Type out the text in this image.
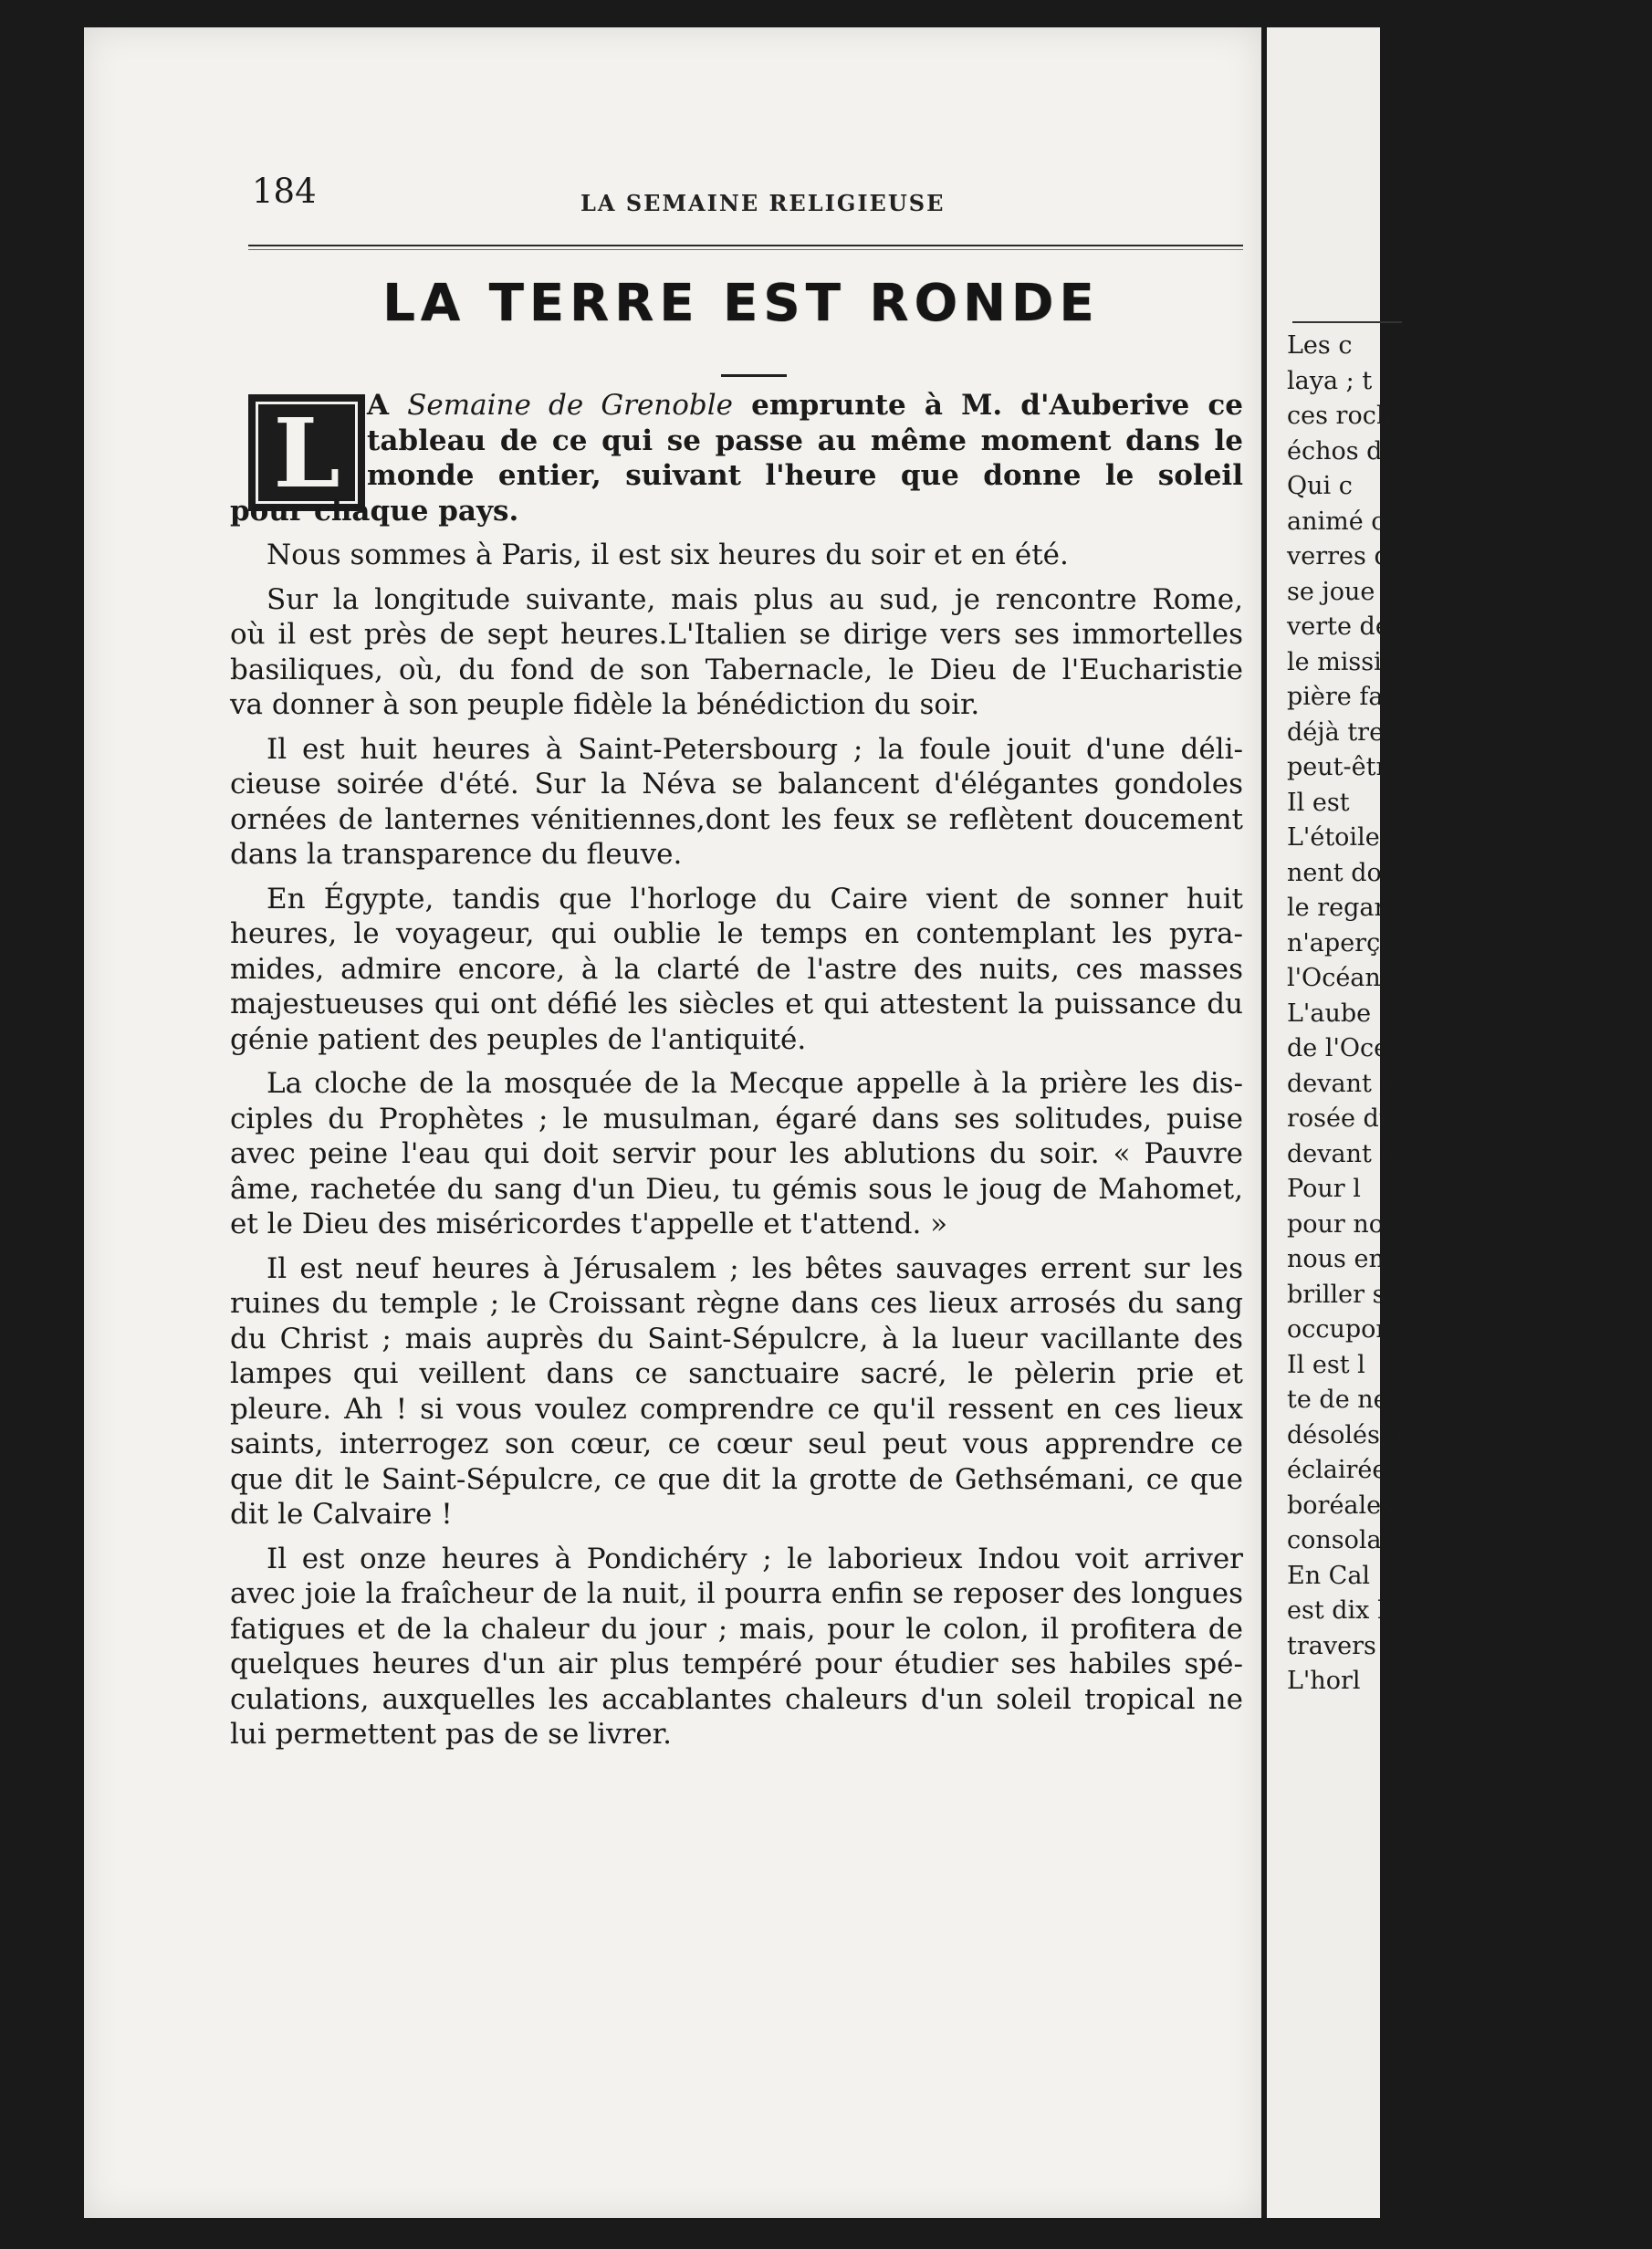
Les c
laya ; t
ces roch
échos d
Qui c
animé c
verres d
se joue
verte de
le missic
pière fa
déjà tres
peut-êtr
Il est
L'étoile
nent doi
le regar
n'aperçc
l'Océan.
L'aube
de l'Océ
devant u
rosée du
devant u
Pour l
pour no
nous env
briller su
occupons
Il est l
te de nei
désolés, i
éclairées
boréales,
consolati
En Cal
est dix h
travers lo
L'horl
184	LA SEMAINE RELIGIEUSE
LA TERRE EST RONDE
L A Semaine de Grenoble emprunte à M. d'Auberive ce
tableau de ce qui se passe au même moment dans le
monde entier, suivant l'heure que donne le soleil
pour chaque pays.
Nous sommes à Paris, il est six heures du soir et en été.
Sur la longitude suivante, mais plus au sud, je rencontre Rome,
où il est près de sept heures.L'Italien se dirige vers ses immortelles
basiliques, où, du fond de son Tabernacle, le Dieu de l'Eucharistie
va donner à son peuple fidèle la bénédiction du soir.
Il est huit heures à Saint-Petersbourg ; la foule jouit d'une déli-
cieuse soirée d'été. Sur la Néva se balancent d'élégantes gondoles
ornées de lanternes vénitiennes,dont les feux se reflètent doucement
dans la transparence du fleuve.
En Égypte, tandis que l'horloge du Caire vient de sonner huit
heures, le voyageur, qui oublie le temps en contemplant les pyra-
mides, admire encore, à la clarté de l'astre des nuits, ces masses
majestueuses qui ont défié les siècles et qui attestent la puissance du
génie patient des peuples de l'antiquité.
La cloche de la mosquée de la Mecque appelle à la prière les dis-
ciples du Prophètes ; le musulman, égaré dans ses solitudes, puise
avec peine l'eau qui doit servir pour les ablutions du soir. « Pauvre
âme, rachetée du sang d'un Dieu, tu gémis sous le joug de Mahomet,
et le Dieu des miséricordes t'appelle et t'attend. »
Il est neuf heures à Jérusalem ; les bêtes sauvages errent sur les
ruines du temple ; le Croissant règne dans ces lieux arrosés du sang
du Christ ; mais auprès du Saint-Sépulcre, à la lueur vacillante des
lampes qui veillent dans ce sanctuaire sacré, le pèlerin prie et
pleure. Ah ! si vous voulez comprendre ce qu'il ressent en ces lieux
saints, interrogez son cœur, ce cœur seul peut vous apprendre ce
que dit le Saint-Sépulcre, ce que dit la grotte de Gethsémani, ce que
dit le Calvaire !
Il est onze heures à Pondichéry ; le laborieux Indou voit arriver
avec joie la fraîcheur de la nuit, il pourra enfin se reposer des longues
fatigues et de la chaleur du jour ; mais, pour le colon, il profitera de
quelques heures d'un air plus tempéré pour étudier ses habiles spé-
culations, auxquelles les accablantes chaleurs d'un soleil tropical ne
lui permettent pas de se livrer.
